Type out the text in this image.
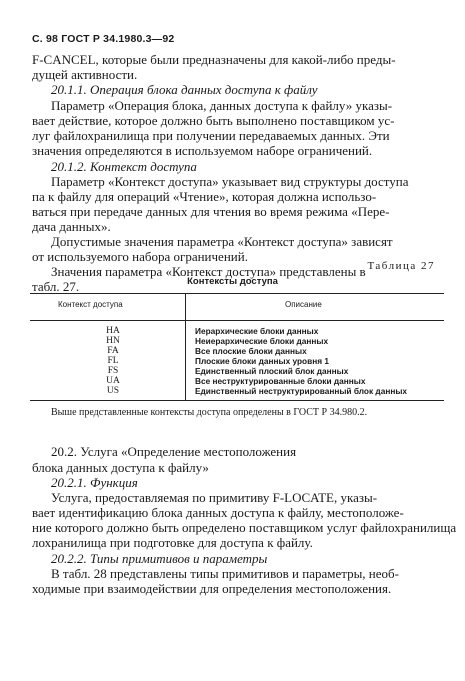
С. 98 ГОСТ Р 34.1980.3—92
F-CANCEL, которые были предназначены для какой-либо преды-
дущей активности.
20.1.1. Операция блока данных доступа к файлу
Параметр «Операция блока, данных доступа к файлу» указы-
вает действие, которое должно быть выполнено поставщиком ус-
луг файлохранилища при получении передаваемых данных. Эти
значения определяются в используемом наборе ограничений.
20.1.2. Контекст доступа
Параметр «Контекст доступа» указывает вид структуры доступа
па к файлу для операций «Чтение», которая должна использо-
ваться при передаче данных для чтения во время режима «Пере-
дача данных».
Допустимые значения параметра «Контекст доступа» зависят
от используемого набора ограничений.
Значения параметра «Контекст доступа» представлены в
табл. 27.
Таблица 27
Контексты доступа
Контекст доступа	Описание
HA	Иерархические блоки данных
HN	Неиерархические блоки данных
FA	Все плоские блоки данных
FL	Плоские блоки данных уровня 1
FS	Единственный плоский блок данных
UA	Все неструктурированные блоки данных
US	Единственный неструктурированный блок данных
Выше представленные контексты доступа определены в ГОСТ Р 34.980.2.
20.2. Услуга «Определение местоположения
блока данных доступа к файлу»
20.2.1. Функция
Услуга, предоставляемая по примитиву F-LOCATE, указы-
вает идентификацию блока данных доступа к файлу, местоположе-
ние которого должно быть определено поставщиком услуг файлохранилища
лохранилища при подготовке для доступа к файлу.
20.2.2. Типы примитивов и параметры
В табл. 28 представлены типы примитивов и параметры, необ-
ходимые при взаимодействии для определения местоположения.
